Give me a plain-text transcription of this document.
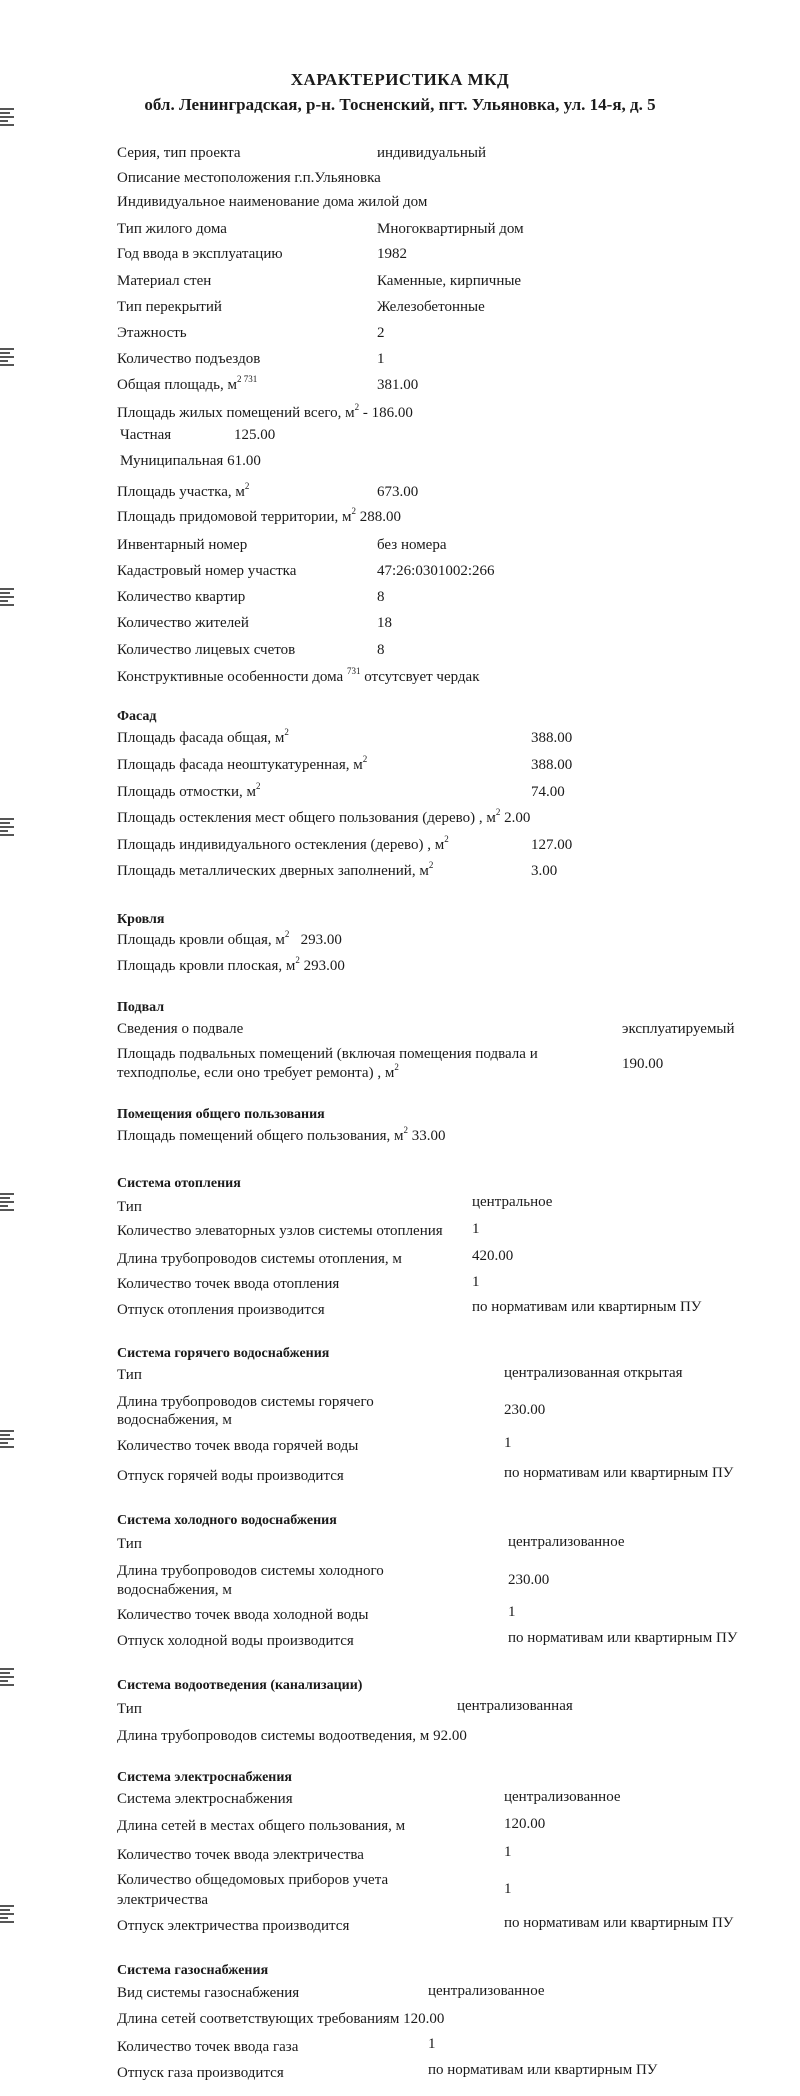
ХАРАКТЕРИСТИКА МКД
обл. Ленинградская, р-н. Тосненский, пгт. Ульяновка, ул. 14-я, д. 5
Серия, тип проекта	индивидуальный
Описание местоположения г.п.Ульяновка
Индивидуальное наименование дома жилой дом
Тип жилого дома	Многоквартирный дом
Год ввода в эксплуатацию	1982
Материал стен	Каменные, кирпичные
Тип перекрытий	Железобетонные
Этажность	2
Количество подъездов	1
Общая площадь, $м^{2 731}$	381.00
Площадь жилых помещений всего, $м^2 - 186.00$
Частная	125.00
Муниципальная 61.00
Площадь участка, $м^2$	673.00
Площадь придомовой территории, $м^2$ 288.00
Инвентарный номер	без номера
Кадастровый номер участка	47:26:0301002:266
Количество квартир	8
Количество жителей	18
Количество лицевых счетов	8
Конструктивные особенности дома $^{731}$ отсутсвует чердак
Фасад
Площадь фасада общая, $м^2$	388.00
Площадь фасада неоштукатуренная, $м^2$	388.00
Площадь отмостки, $м^2$	74.00
Площадь остекления мест общего пользования (дерево) , $м^2$ 2.00
Площадь индивидуального остекления (дерево) , $м^2$	127.00
Площадь металлических дверных заполнений, $м^2$	3.00
Кровля
Площадь кровли общая, $м^2$ 293.00
Площадь кровли плоская, $м^2$ 293.00
Подвал
Сведения о подвале	эксплуатируемый
Площадь подвальных помещений (включая помещения подвала и
техподполье, если оно требует ремонта) , $м^2$	190.00
Помещения общего пользования
Площадь помещений общего пользования, $м^2$ 33.00
Система отопления
Тип	центральное
Количество элеваторных узлов системы отопления 1
Длина трубопроводов системы отопления, м	420.00
Количество точек ввода отопления	1
Отпуск отопления производится	по нормативам или квартирным ПУ
Система горячего водоснабжения
Тип	централизованная открытая
Длина трубопроводов системы горячего
водоснабжения, м
230.00
Количество точек ввода горячей воды	1
Отпуск горячей воды производится	по нормативам или квартирным ПУ
Система холодного водоснабжения
Тип	централизованное
Длина трубопроводов системы холодного
водоснабжения, м
230.00
Количество точек ввода холодной воды	1
Отпуск холодной воды производится	по нормативам или квартирным ПУ
Система водоотведения (канализации)
Тип	централизованная
Длина трубопроводов системы водоотведения, м 92.00
Система электроснабжения
Система электроснабжения	централизованное
Длина сетей в местах общего пользования, м	120.00
Количество точек ввода электричества	1
Количество общедомовых приборов учета
электричества
1
Отпуск электричества производится	по нормативам или квартирным ПУ
Система газоснабжения
Вид системы газоснабжения	централизованное
Длина сетей соответствующих требованиям 120.00
Количество точек ввода газа	1
Отпуск газа производится	по нормативам или квартирным ПУ
